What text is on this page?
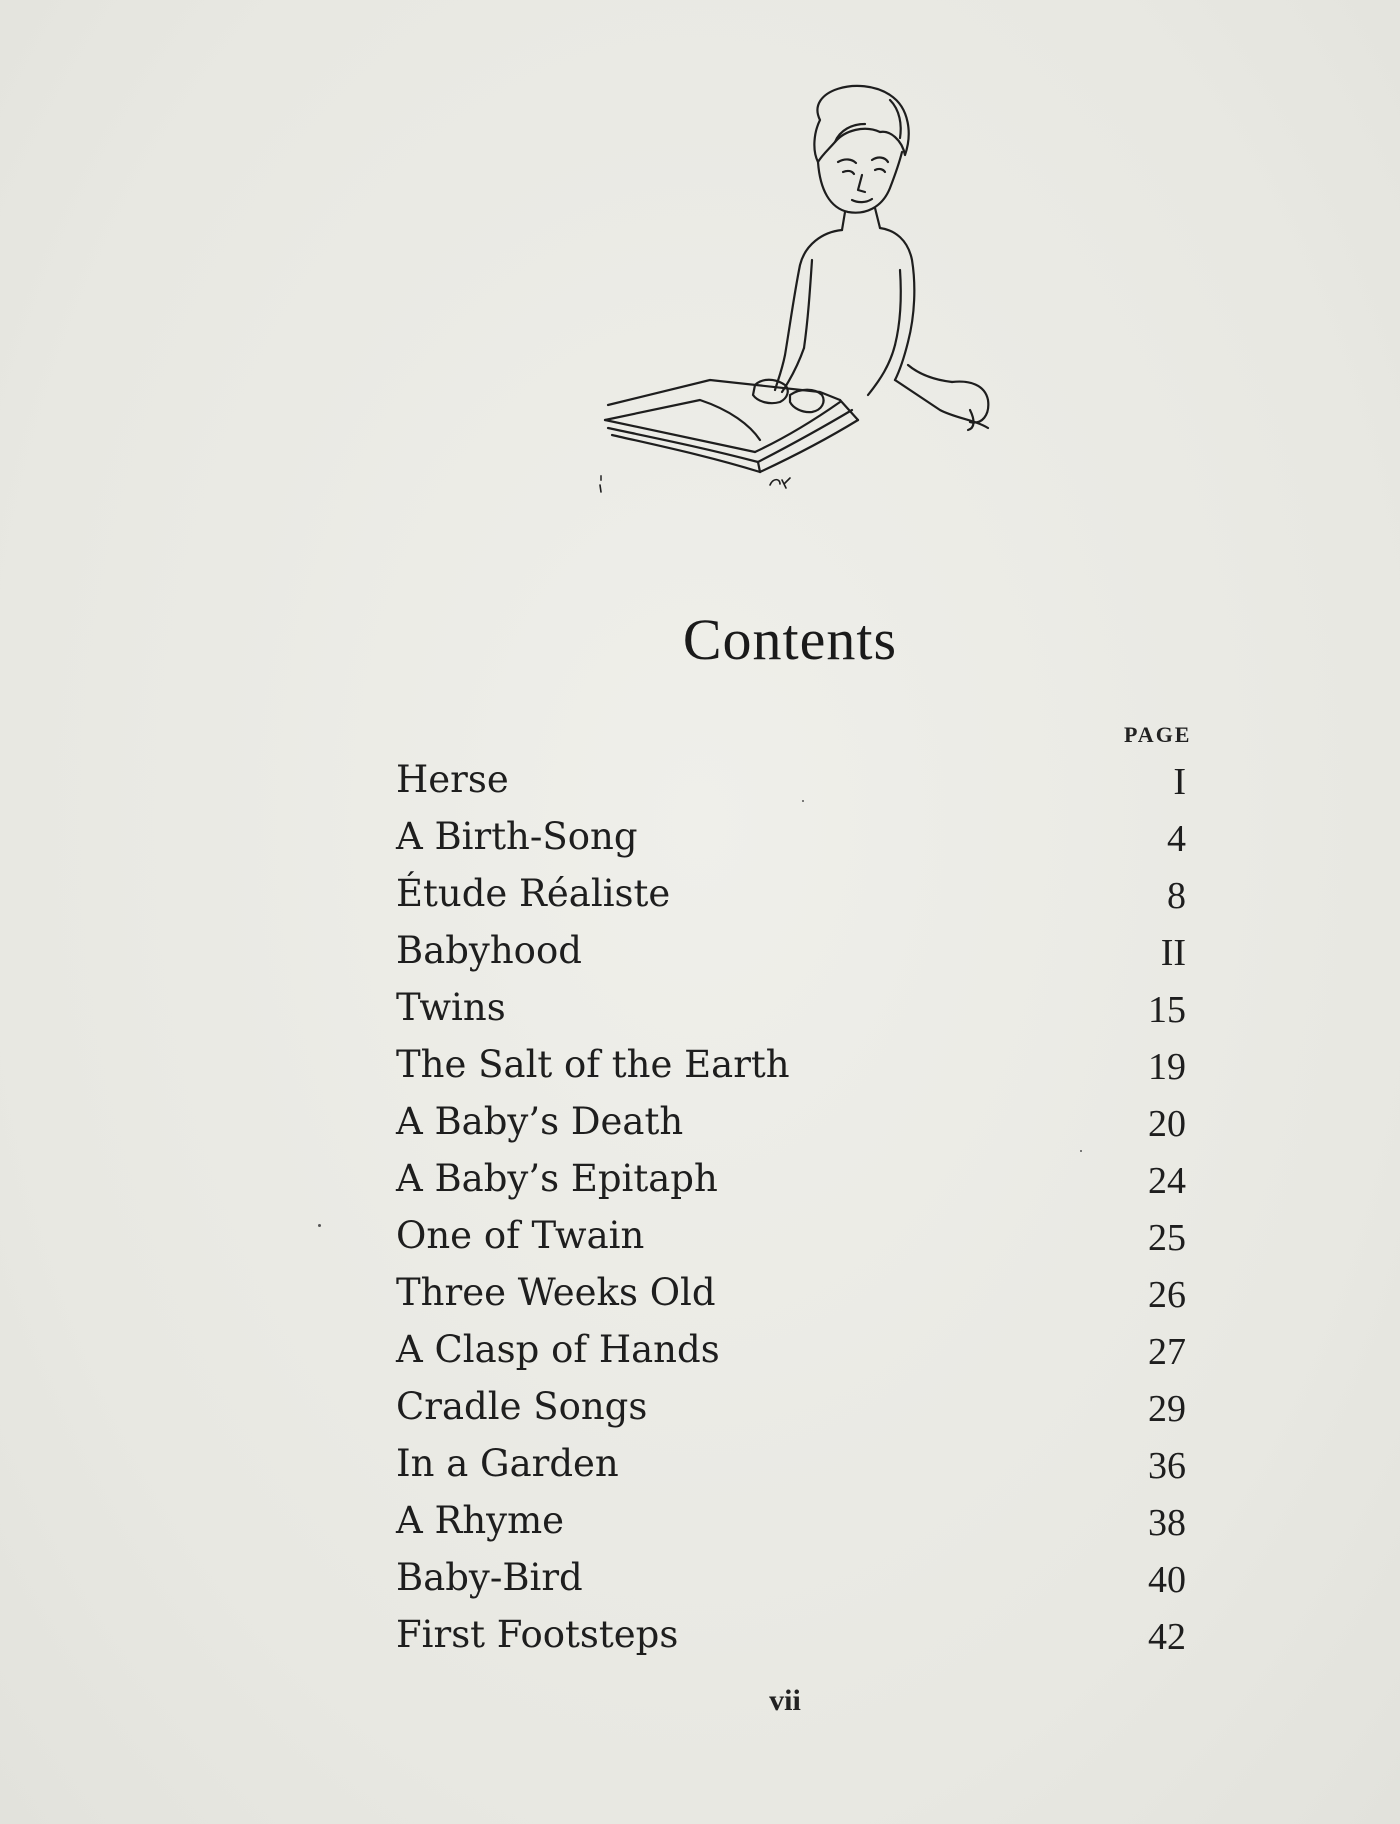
Contents
PAGE
Herse	I
A Birth-Song	4
Étude Réaliste	8
Babyhood	II
Twins	15
The Salt of the Earth	19
A Baby’s Death	20
A Baby’s Epitaph	24
One of Twain	25
Three Weeks Old	26
A Clasp of Hands	27
Cradle Songs	29
In a Garden	36
A Rhyme	38
Baby-Bird	40
First Footsteps	42
vii
